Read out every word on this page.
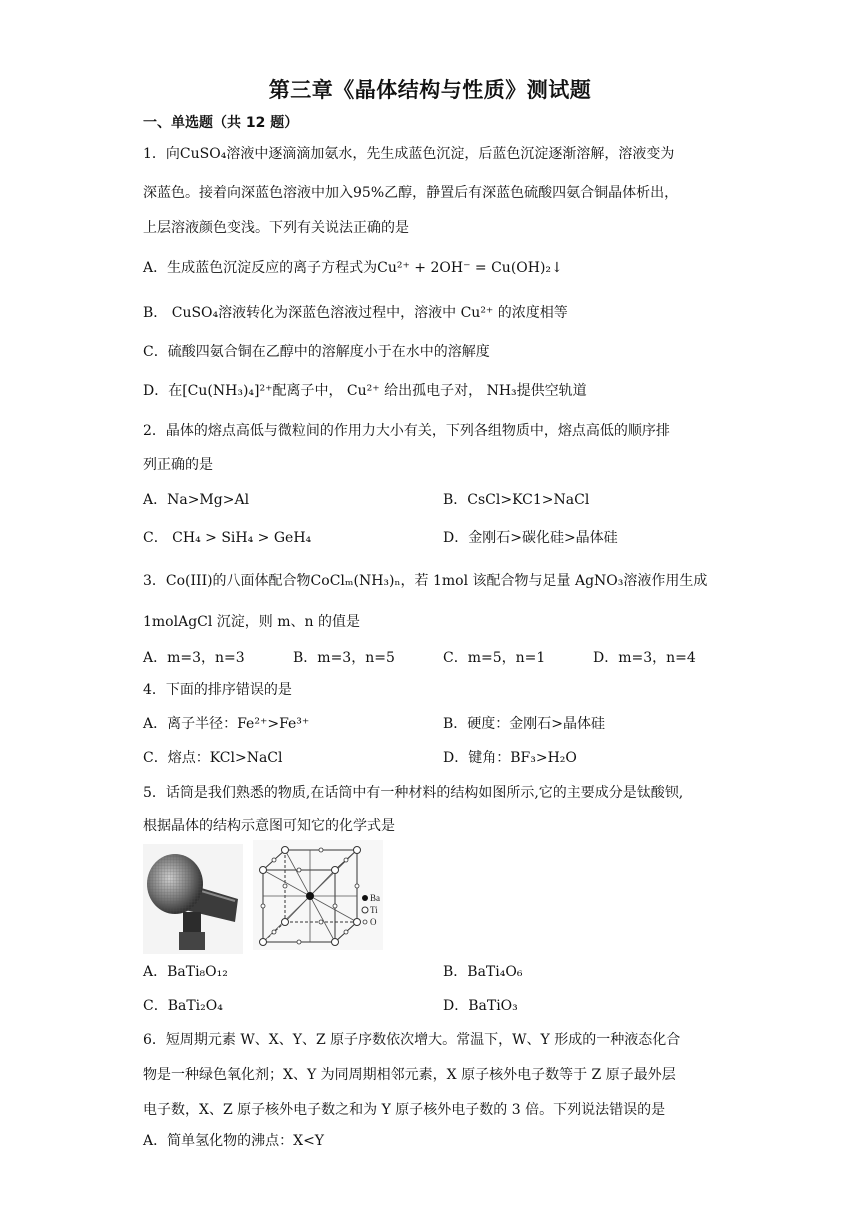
第三章《晶体结构与性质》测试题
一、单选题（共 12 题）
1．向CuSO₄溶液中逐滴滴加氨水，先生成蓝色沉淀，后蓝色沉淀逐渐溶解，溶液变为
深蓝色。接着向深蓝色溶液中加入95%乙醇，静置后有深蓝色硫酸四氨合铜晶体析出，
上层溶液颜色变浅。下列有关说法正确的是
A．生成蓝色沉淀反应的离子方程式为Cu²⁺ + 2OH⁻ = Cu(OH)₂↓
B． CuSO₄溶液转化为深蓝色溶液过程中，溶液中 Cu²⁺ 的浓度相等
C．硫酸四氨合铜在乙醇中的溶解度小于在水中的溶解度
D．在[Cu(NH₃)₄]²⁺配离子中， Cu²⁺ 给出孤电子对， NH₃提供空轨道
2．晶体的熔点高低与微粒间的作用力大小有关，下列各组物质中，熔点高低的顺序排
列正确的是
A．Na>Mg>Al	B．CsCl>KC1>NaCl
C． CH₄ > SiH₄ > GeH₄	D．金刚石>碳化硅>晶体硅
3．Co(III)的八面体配合物CoClₘ(NH₃)ₙ，若 1mol 该配合物与足量 AgNO₃溶液作用生成
1molAgCl 沉淀，则 m、n 的值是
A．m=3，n=3	B．m=3，n=5	C．m=5，n=1	D．m=3，n=4
4．下面的排序错误的是
A．离子半径：Fe²⁺>Fe³⁺	B．硬度：金刚石>晶体硅
C．熔点：KCl>NaCl	D．键角：BF₃>H₂O
5．话筒是我们熟悉的物质,在话筒中有一种材料的结构如图所示,它的主要成分是钛酸钡,
根据晶体的结构示意图可知它的化学式是
Ba
Ti
O
A．BaTi₈O₁₂	B．BaTi₄O₆
C．BaTi₂O₄	D．BaTiO₃
6．短周期元素 W、X、Y、Z 原子序数依次增大。常温下，W、Y 形成的一种液态化合
物是一种绿色氧化剂；X、Y 为同周期相邻元素，X 原子核外电子数等于 Z 原子最外层
电子数，X、Z 原子核外电子数之和为 Y 原子核外电子数的 3 倍。下列说法错误的是
A．简单氢化物的沸点：X<Y
